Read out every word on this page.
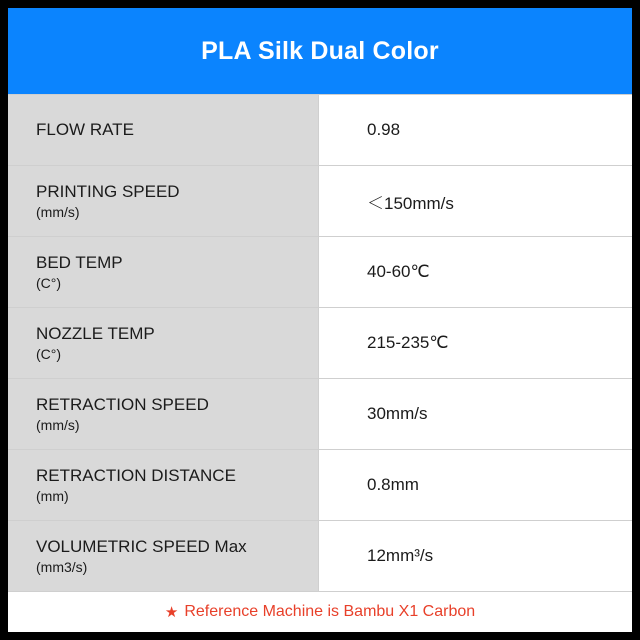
PLA Silk Dual Color
FLOW RATE	0.98
PRINTING SPEED
(mm/s)	＜150mm/s
BED TEMP
(C°)
40-60℃
NOZZLE TEMP
(C°)
215-235℃
RETRACTION SPEED
(mm/s)
30mm/s
RETRACTION DISTANCE
(mm)
0.8mm
VOLUMETRIC SPEED Max
(mm3/s)
12mm³/s
★ Reference Machine is Bambu X1 Carbon
